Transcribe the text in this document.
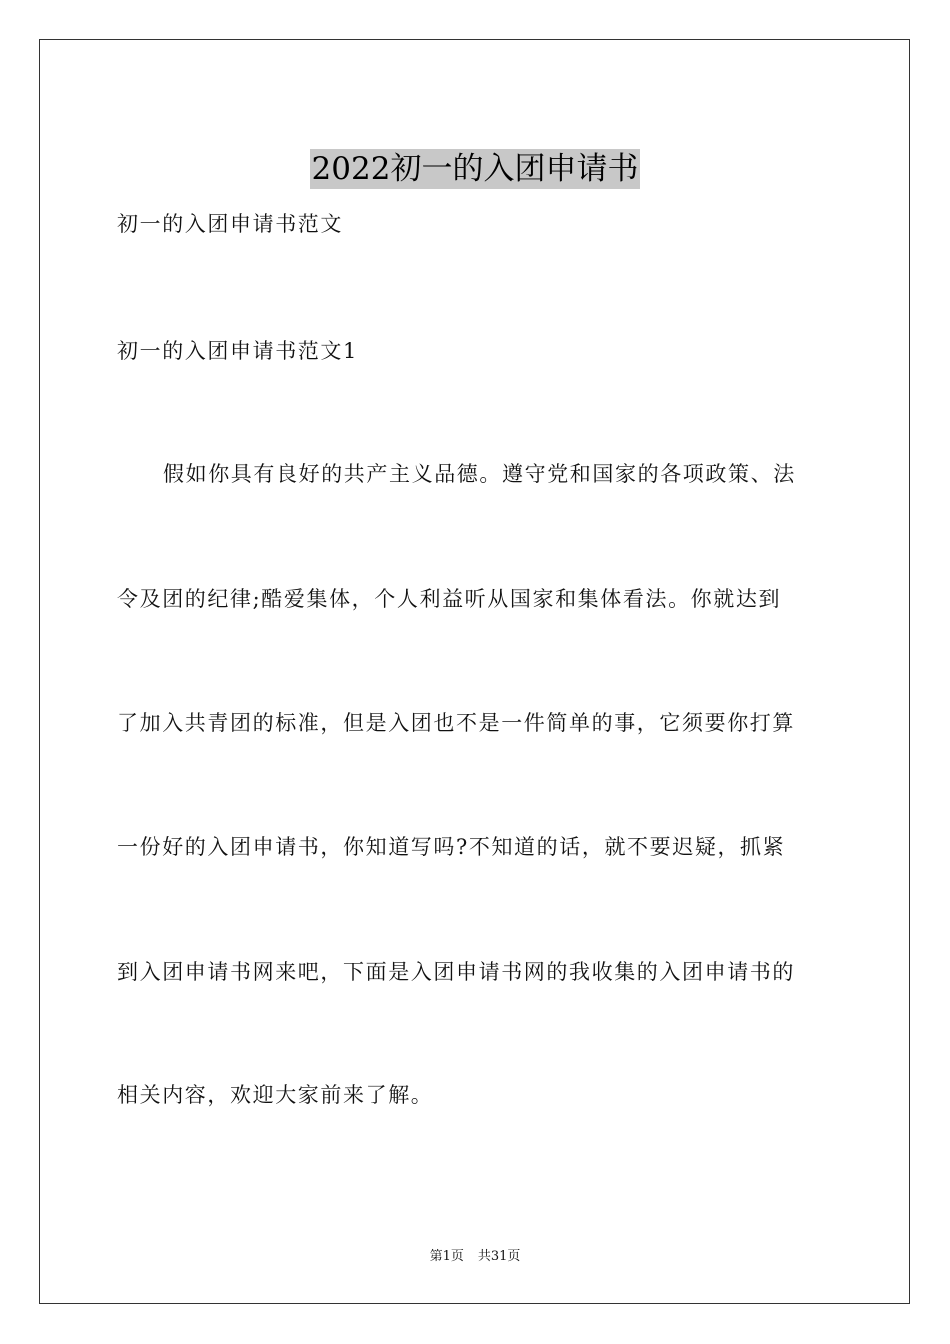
2022初一的入团申请书
初一的入团申请书范文
初一的入团申请书范文1
假如你具有良好的共产主义品德。遵守党和国家的各项政策、法
令及团的纪律;酷爱集体，个人利益听从国家和集体看法。你就达到
了加入共青团的标准，但是入团也不是一件简单的事，它须要你打算
一份好的入团申请书，你知道写吗?不知道的话，就不要迟疑，抓紧
到入团申请书网来吧，下面是入团申请书网的我收集的入团申请书的
相关内容，欢迎大家前来了解。
第1页 共31页
